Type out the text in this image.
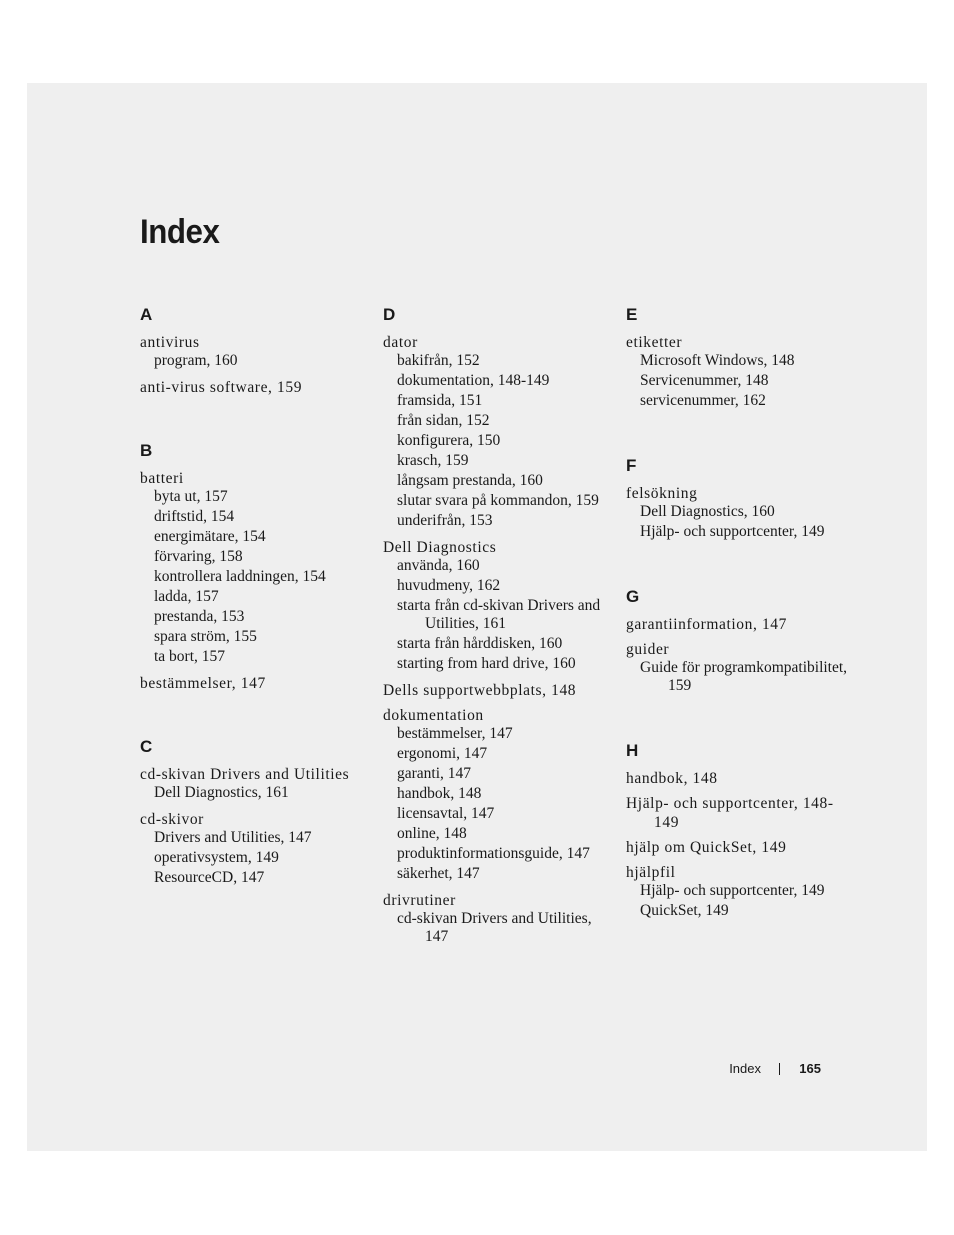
Index
A
antivirus
program, 160
anti-virus software, 159
B
batteri
byta ut, 157
driftstid, 154
energimätare, 154
förvaring, 158
kontrollera laddningen, 154
ladda, 157
prestanda, 153
spara ström, 155
ta bort, 157
bestämmelser, 147
C
cd-skivan Drivers and Utilities
Dell Diagnostics, 161
cd-skivor
Drivers and Utilities, 147
operativsystem, 149
ResourceCD, 147
D
dator
bakifrån, 152
dokumentation, 148-149
framsida, 151
från sidan, 152
konfigurera, 150
krasch, 159
långsam prestanda, 160
slutar svara på kommandon, 159
underifrån, 153
Dell Diagnostics
använda, 160
huvudmeny, 162
starta från cd-skivan Drivers and Utilities, 161
starta från hårddisken, 160
starting from hard drive, 160
Dells supportwebbplats, 148
dokumentation
bestämmelser, 147
ergonomi, 147
garanti, 147
handbok, 148
licensavtal, 147
online, 148
produktinformationsguide, 147
säkerhet, 147
drivrutiner
cd-skivan Drivers and Utilities, 147
E
etiketter
Microsoft Windows, 148
Servicenummer, 148
servicenummer, 162
F
felsökning
Dell Diagnostics, 160
Hjälp- och supportcenter, 149
G
garantiinformation, 147
guider
Guide för programkompatibilitet, 159
H
handbok, 148
Hjälp- och supportcenter, 148-149
hjälp om QuickSet, 149
hjälpfil
Hjälp- och supportcenter, 149
QuickSet, 149
Index	165
